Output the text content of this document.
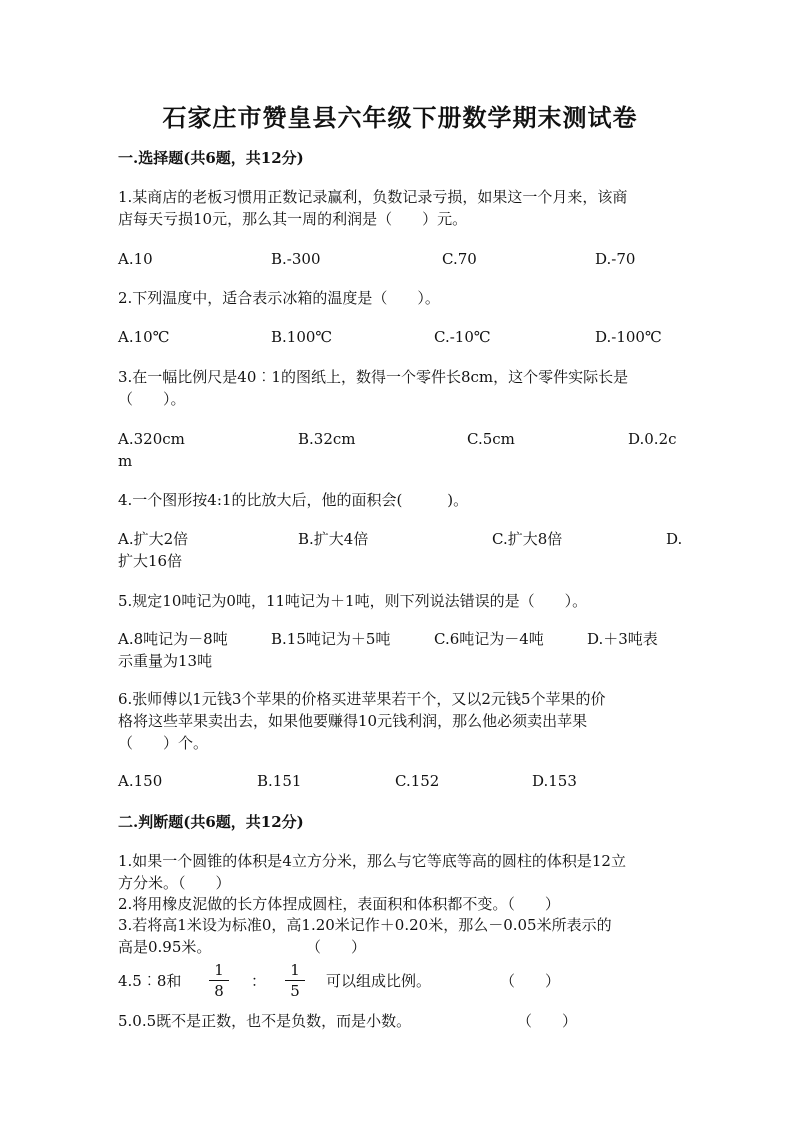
石家庄市赞皇县六年级下册数学期末测试卷
一.选择题(共6题，共12分)
1.某商店的老板习惯用正数记录赢利，负数记录亏损，如果这一个月来，该商
店每天亏损10元，那么其一周的利润是（　　）元。
A.10	B.-300	C.70	D.-70
2.下列温度中，适合表示冰箱的温度是（　　）。
A.10℃	B.100℃	C.-10℃	D.-100℃
3.在一幅比例尺是40︰1的图纸上，数得一个零件长8cm，这个零件实际长是
（　　）。
A.320cm	B.32cm	C.5cm	D.0.2c
m
4.一个图形按4:1的比放大后，他的面积会(　　　)。
A.扩大2倍	B.扩大4倍	C.扩大8倍	D.
扩大16倍
5.规定10吨记为0吨，11吨记为＋1吨，则下列说法错误的是（　　）。
A.8吨记为－8吨	B.15吨记为＋5吨	C.6吨记为－4吨	D.＋3吨表
示重量为13吨
6.张师傅以1元钱3个苹果的价格买进苹果若干个，又以2元钱5个苹果的价
格将这些苹果卖出去，如果他要赚得10元钱利润，那么他必须卖出苹果
（　　）个。
A.150	B.151	C.152	D.153
二.判断题(共6题，共12分)
1.如果一个圆锥的体积是4立方分米，那么与它等底等高的圆柱的体积是12立
方分米。（　　）
2.将用橡皮泥做的长方体捏成圆柱，表面积和体积都不变。（　　）
3.若将高1米设为标准0，高1.20米记作＋0.20米，那么－0.05米所表示的
高是0.95米。	（　　）
4.5︰8和
1
8
：
1
5
可以组成比例。	（　　）
5.0.5既不是正数，也不是负数，而是小数。	（　　）
